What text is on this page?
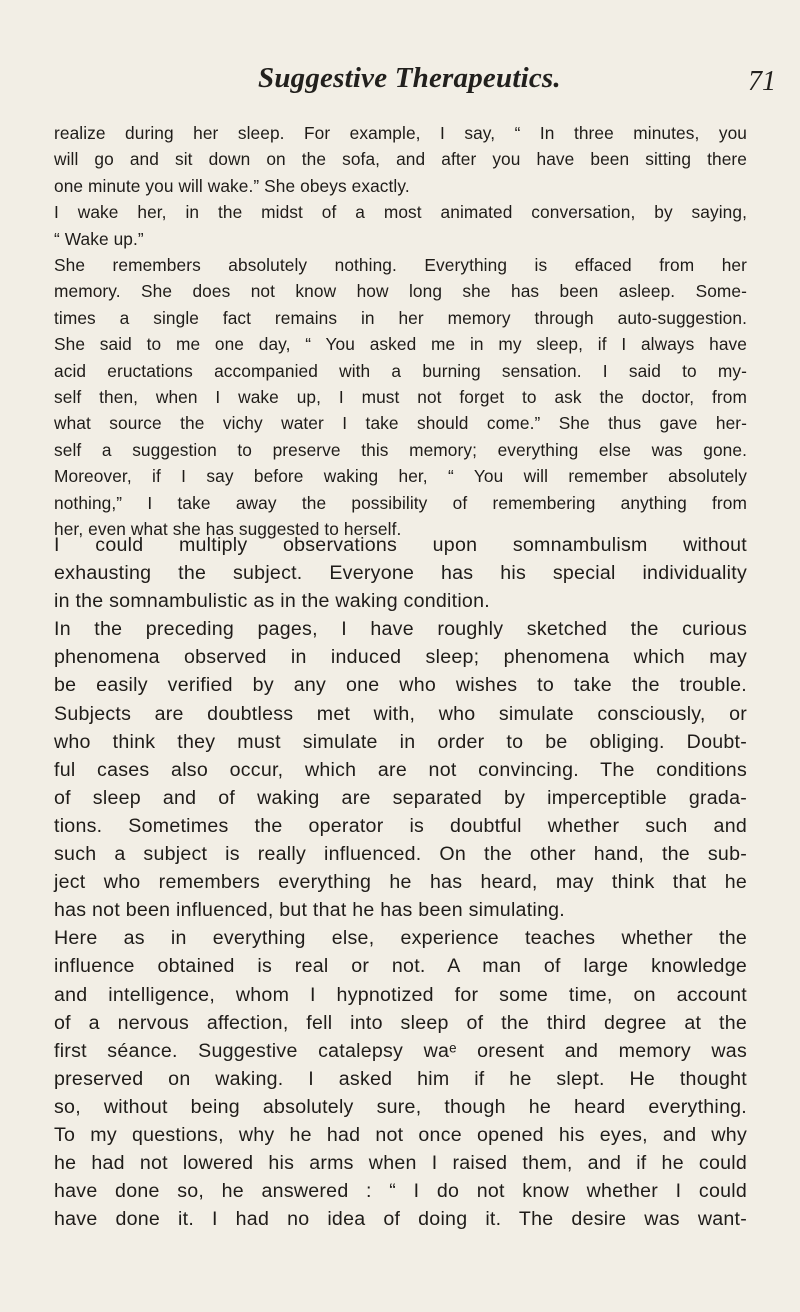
Suggestive Therapeutics.	71
realize during her sleep. For example, I say, “ In three minutes, you
will go and sit down on the sofa, and after you have been sitting there
one minute you will wake.” She obeys exactly.
I wake her, in the midst of a most animated conversation, by saying,
“ Wake up.”
She remembers absolutely nothing. Everything is effaced from her
memory. She does not know how long she has been asleep. Some-
times a single fact remains in her memory through auto-suggestion.
She said to me one day, “ You asked me in my sleep, if I always have
acid eructations accompanied with a burning sensation. I said to my-
self then, when I wake up, I must not forget to ask the doctor, from
what source the vichy water I take should come.” She thus gave her-
self a suggestion to preserve this memory; everything else was gone.
Moreover, if I say before waking her, “ You will remember absolutely
nothing,” I take away the possibility of remembering anything from
her, even what she has suggested to herself.
I could multiply observations upon somnambulism without
exhausting the subject. Everyone has his special individuality
in the somnambulistic as in the waking condition.
In the preceding pages, I have roughly sketched the curious
phenomena observed in induced sleep; phenomena which may
be easily verified by any one who wishes to take the trouble.
Subjects are doubtless met with, who simulate consciously, or
who think they must simulate in order to be obliging. Doubt-
ful cases also occur, which are not convincing. The conditions
of sleep and of waking are separated by imperceptible grada-
tions. Sometimes the operator is doubtful whether such and
such a subject is really influenced. On the other hand, the sub-
ject who remembers everything he has heard, may think that he
has not been influenced, but that he has been simulating.
Here as in everything else, experience teaches whether the
influence obtained is real or not. A man of large knowledge
and intelligence, whom I hypnotized for some time, on account
of a nervous affection, fell into sleep of the third degree at the
first séance. Suggestive catalepsy waᵉ oresent and memory was
preserved on waking. I asked him if he slept. He thought
so, without being absolutely sure, though he heard everything.
To my questions, why he had not once opened his eyes, and why
he had not lowered his arms when I raised them, and if he could
have done so, he answered : “ I do not know whether I could
have done it. I had no idea of doing it. The desire was want-
